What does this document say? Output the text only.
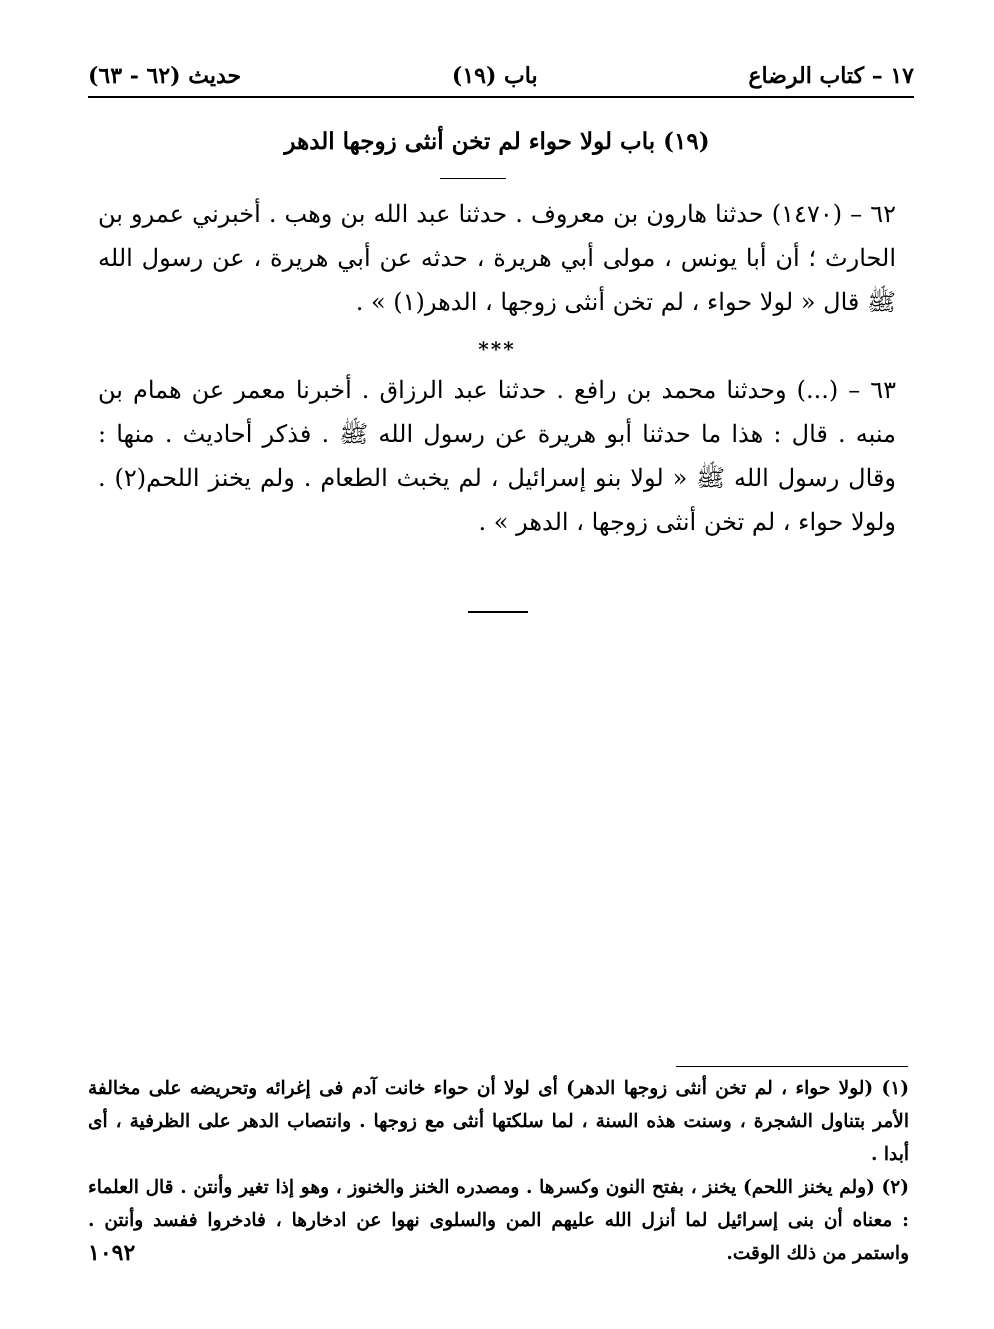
(٦٢ - ٦٣) حديث	(١٩) باب	١٧ – كتاب الرضاع
(١٩) باب لولا حواء لم تخن أنثى زوجها الدهر
٦٢ – (١٤٧٠) حدثنا هارون بن معروف . حدثنا عبد الله بن وهب . أخبرني عمرو بن الحارث ؛ أن أبا يونس ، مولى أبي هريرة ، حدثه عن أبي هريرة ، عن رسول الله ﷺ قال « لولا حواء ، لم تخن أنثى زوجها ، الدهر(١) » .
***
٦٣ – (...) وحدثنا محمد بن رافع . حدثنا عبد الرزاق . أخبرنا معمر عن همام بن منبه . قال : هذا ما حدثنا أبو هريرة عن رسول الله ﷺ . فذكر أحاديث . منها : وقال رسول الله ﷺ « لولا بنو إسرائيل ، لم يخبث الطعام . ولم يخنز اللحم(٢) . ولولا حواء ، لم تخن أنثى زوجها ، الدهر » .

(١) (لولا حواء ، لم تخن أنثى زوجها الدهر) أى لولا أن حواء خانت آدم فى إغرائه وتحريضه على مخالفة الأمر بتناول الشجرة ، وسنت هذه السنة ، لما سلكتها أنثى مع زوجها . وانتصاب الدهر على الظرفية ، أى أبدا .

(٢) (ولم يخنز اللحم) يخنز ، بفتح النون وكسرها . ومصدره الخنز والخنوز ، وهو إذا تغير وأنتن . قال العلماء : معناه أن بنى إسرائيل لما أنزل الله عليهم المن والسلوى نهوا عن ادخارها ، فادخروا ففسد وأنتن . واستمر من ذلك الوقت.

١٠٩٢
